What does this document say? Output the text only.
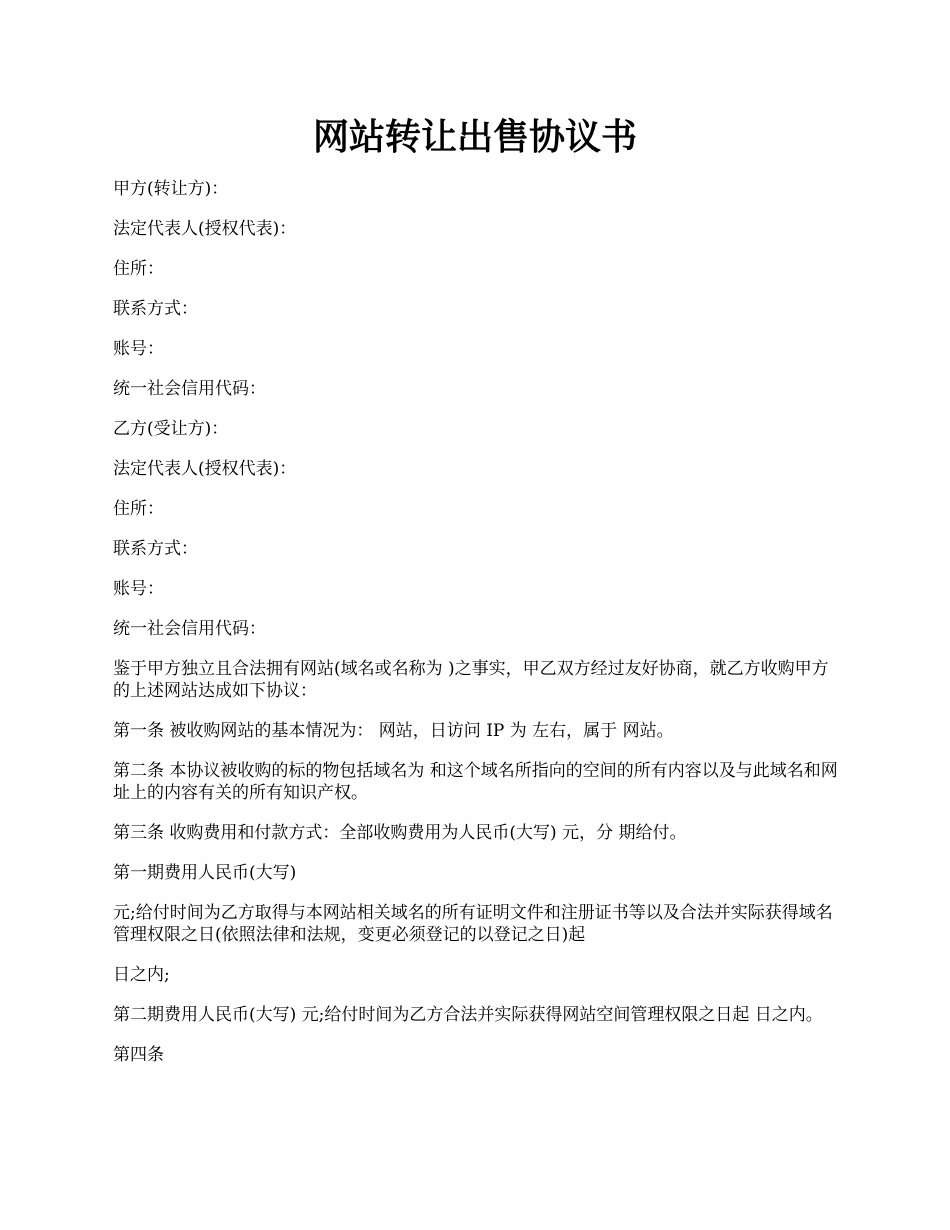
网站转让出售协议书

甲方(转让方)：

法定代表人(授权代表)：

住所：

联系方式：

账号：

统一社会信用代码：

乙方(受让方)：

法定代表人(授权代表)：

住所：

联系方式：

账号：

统一社会信用代码：

鉴于甲方独立且合法拥有网站(域名或名称为 )之事实，甲乙双方经过友好协商，就乙方收购甲方的上述网站达成如下协议：

第一条 被收购网站的基本情况为： 网站，日访问 IP 为 左右，属于 网站。

第二条 本协议被收购的标的物包括域名为 和这个域名所指向的空间的所有内容以及与此域名和网址上的内容有关的所有知识产权。

第三条 收购费用和付款方式：全部收购费用为人民币(大写) 元，分 期给付。

第一期费用人民币(大写)

元;给付时间为乙方取得与本网站相关域名的所有证明文件和注册证书等以及合法并实际获得域名管理权限之日(依照法律和法规，变更必须登记的以登记之日)起

日之内;

第二期费用人民币(大写) 元;给付时间为乙方合法并实际获得网站空间管理权限之日起 日之内。

第四条
